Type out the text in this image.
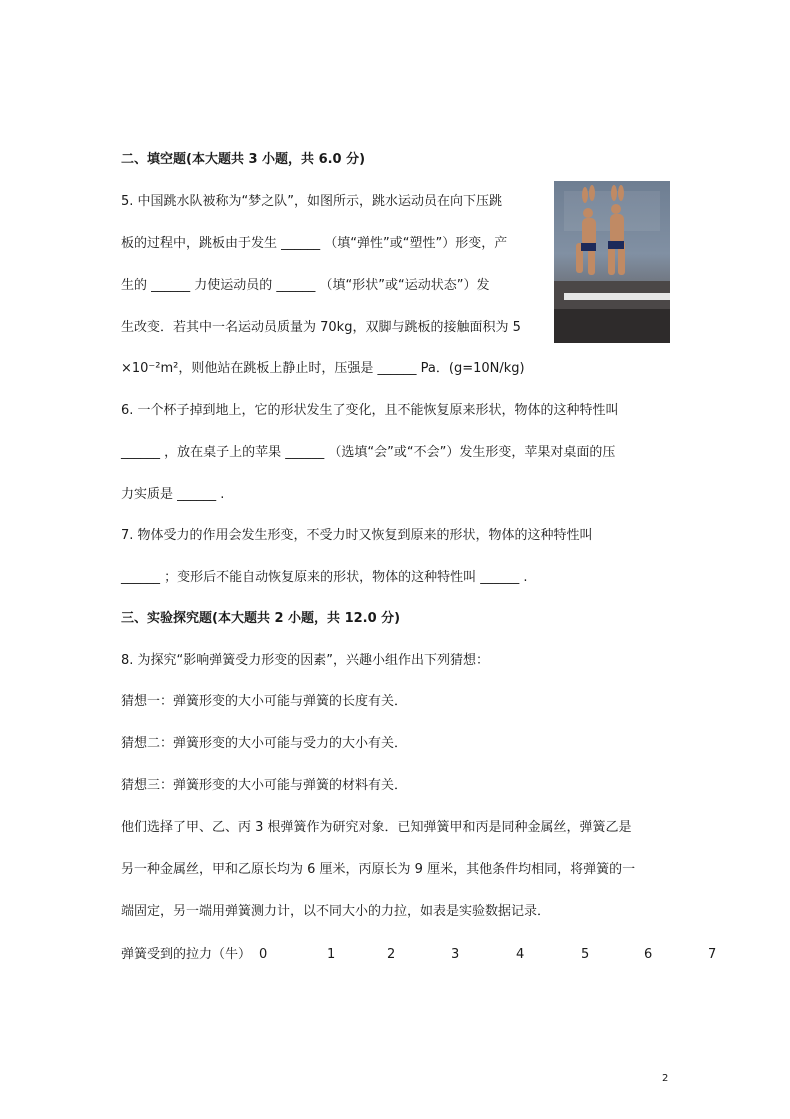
二、填空题(本大题共 3 小题，共 6.0 分)
5. 中国跳水队被称为“梦之队”，如图所示，跳水运动员在向下压跳
板的过程中，跳板由于发生 ______ （填“弹性”或“塑性”）形变，产
生的 ______ 力使运动员的 ______ （填“形状”或“运动状态”）发
生改变．若其中一名运动员质量为 70kg，双脚与跳板的接触面积为 5
×10⁻²m²，则他站在跳板上静止时，压强是 ______ Pa．(g=10N/kg)
6. 一个杯子掉到地上，它的形状发生了变化，且不能恢复原来形状，物体的这种特性叫
______ ，放在桌子上的苹果 ______ （选填“会”或“不会”）发生形变，苹果对桌面的压
力实质是 ______ .
7. 物体受力的作用会发生形变，不受力时又恢复到原来的形状，物体的这种特性叫
______ ；变形后不能自动恢复原来的形状，物体的这种特性叫 ______ .
三、实验探究题(本大题共 2 小题，共 12.0 分)
8. 为探究“影响弹簧受力形变的因素”，兴趣小组作出下列猜想：
猜想一：弹簧形变的大小可能与弹簧的长度有关．
猜想二：弹簧形变的大小可能与受力的大小有关．
猜想三：弹簧形变的大小可能与弹簧的材料有关．
他们选择了甲、乙、丙 3 根弹簧作为研究对象．已知弹簧甲和丙是同种金属丝，弹簧乙是
另一种金属丝，甲和乙原长均为 6 厘米，丙原长为 9 厘米，其他条件均相同，将弹簧的一
端固定，另一端用弹簧测力计，以不同大小的力拉，如表是实验数据记录．
弹簧受到的拉力（牛） 0	1	2	3	4	5	6	7
2
